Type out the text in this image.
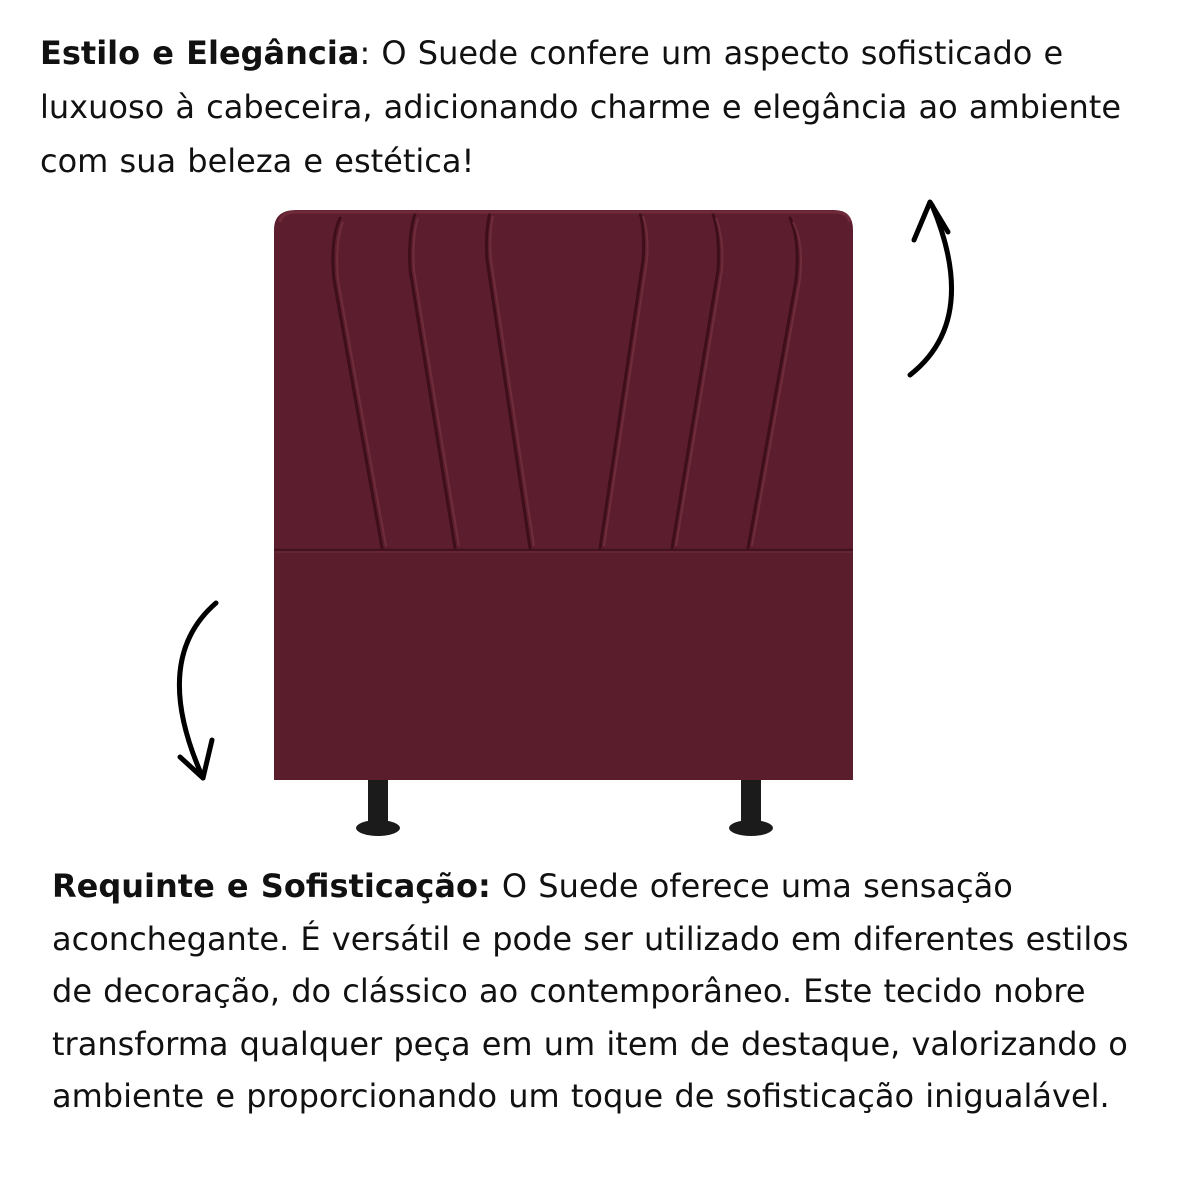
Estilo e Elegância: O Suede confere um aspecto sofisticado e luxuoso à cabeceira, adicionando charme e elegância ao ambiente com sua beleza e estética!

Requinte e Sofisticação: O Suede oferece uma sensação aconchegante. É versátil e pode ser utilizado em diferentes estilos de decoração, do clássico ao contemporâneo. Este tecido nobre transforma qualquer peça em um item de destaque, valorizando o ambiente e proporcionando um toque de sofisticação inigualável.
